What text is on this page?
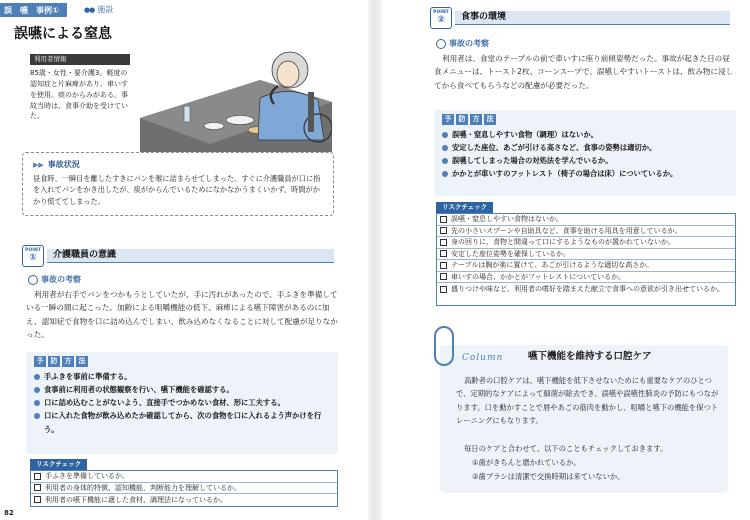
誤　嚥　事例①	●● 施設
誤嚥による窒息
利用者情報
85歳・女性・要介護3。軽度の認知症と片麻痺があり、車いすを使用。痰のからみがある。事故当時は、食事介助を受けていた。
▶▶ 事故状況
昼食時、一瞬目を離したすきにパンを喉に詰まらせてしまった。すぐに介護職員が口に指を入れてパンをかき出したが、痰がからんでいるためになかなかうまくいかず、時間がかかり慌ててしまった。
POINT
①	介護職員の意識
事故の考察
利用者が右手でパンをつかもうとしていたが、手に汚れがあったので、手ふきを準備している一瞬の間に起こった。加齢による咀嚼機能の低下、麻痺による嚥下障害があるのに加え、認知症で食物を口に詰め込んでしまい、飲み込めなくなることに対して配慮が足りなかった。
予	防	方	法
手ふきを事前に準備する。
食事前に利用者の状態観察を行い、嚥下機能を確認する。
口に詰め込むことがないよう、直接手でつかめない食材、形に工夫する。
口に入れた食物が飲み込めたか確認してから、次の食物を口に入れるよう声かけを行う。
リスクチェック
手ふきを準備しているか。
利用者の身体的特徴、認知機能、判断能力を理解しているか。
利用者の嚥下機能に適した食材、調理法になっているか。
82
POINT
②	食事の環境
事故の考察
利用者は、食堂のテーブルの前で車いすに座り前傾姿勢だった。事故が起きた日の昼食メニューは、トースト2枚、コーンスープで、誤嚥しやすいトーストは、飲み物に浸してから食べてもらうなどの配慮が必要だった。
予	防	方	法
誤嚥・窒息しやすい食物（調理）はないか。
安定した座位、あごが引ける高さなど、食事の姿勢は適切か。
誤嚥してしまった場合の対処法を学んでいるか。
かかとが車いすのフットレスト（椅子の場合は床）についているか。
リスクチェック
誤嚥・窒息しやすい食物はないか。
先の小さいスプーンや自助具など、食事を助ける用具を用意しているか。
身の回りに、食物と間違って口にするようなものが置かれていないか。
安定した座位姿勢を確保しているか。
テーブルは胸が楽に置けて、あごが引けるような適切な高さか。
車いすの場合、かかとがフットレストについているか。
盛りつけや味など、利用者の嗜好を踏まえた献立で食事への意欲が引き出せているか。
Column	嚥下機能を維持する口腔ケア
高齢者の口腔ケアは、嚥下機能を低下させないためにも重要なケアのひとつで、定期的なケアによって細菌が除去でき、誤嚥や誤嚥性肺炎の予防にもつながります。口を動かすことで唇やあごの筋肉を動かし、咀嚼と嚥下の機能を保つトレーニングにもなります。
毎日のケアと合わせて、以下のこともチェックしておきます。
①歯がきちんと磨かれているか。
②歯ブラシは清潔で交換時期は来ていないか。
